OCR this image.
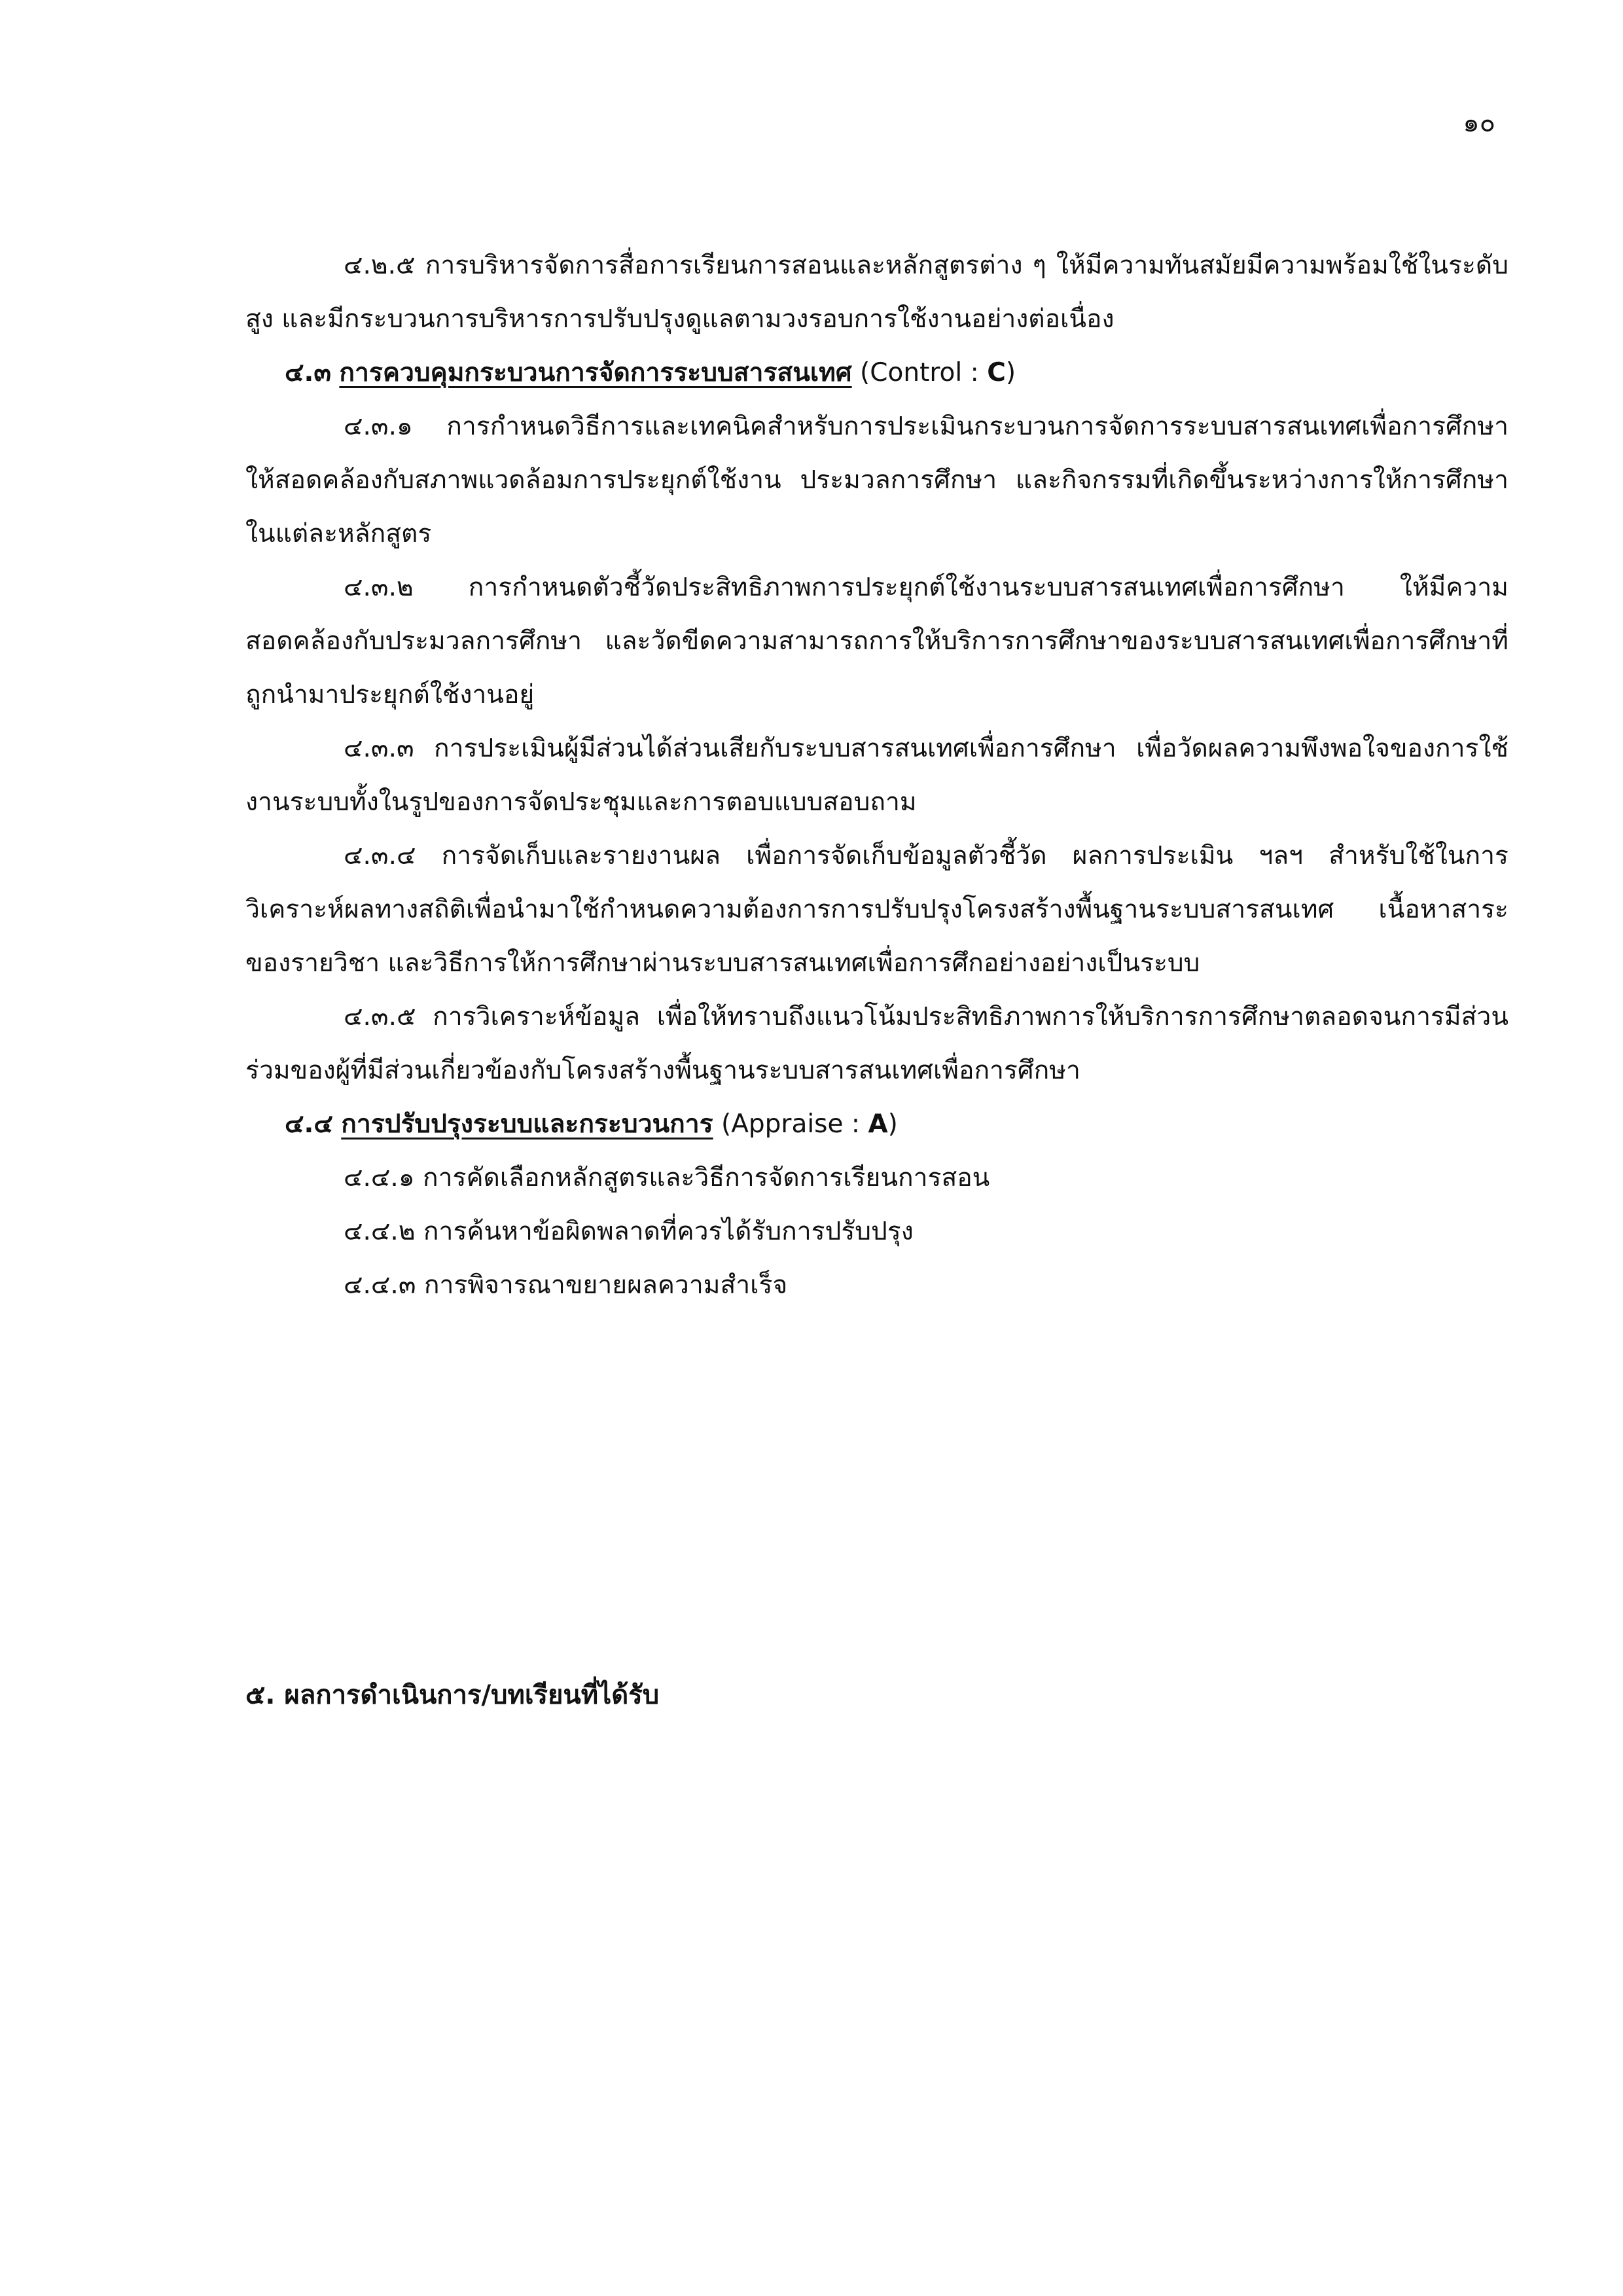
๑๐

๔.๒.๕ การบริหารจัดการสื่อการเรียนการสอนและหลักสูตรต่าง ๆ ให้มีความทันสมัยมีความพร้อมใช้ในระดับสูง และมีกระบวนการบริหารการปรับปรุงดูแลตามวงรอบการใช้งานอย่างต่อเนื่อง

๔.๓ การควบคุมกระบวนการจัดการระบบสารสนเทศ (Control : C)

๔.๓.๑ การกำหนดวิธีการและเทคนิคสำหรับการประเมินกระบวนการจัดการระบบสารสนเทศเพื่อการศึกษาให้สอดคล้องกับสภาพแวดล้อมการประยุกต์ใช้งาน ประมวลการศึกษา และกิจกรรมที่เกิดขึ้นระหว่างการให้การศึกษาในแต่ละหลักสูตร

๔.๓.๒ การกำหนดตัวชี้วัดประสิทธิภาพการประยุกต์ใช้งานระบบสารสนเทศเพื่อการศึกษา ให้มีความสอดคล้องกับประมวลการศึกษา และวัดขีดความสามารถการให้บริการการศึกษาของระบบสารสนเทศเพื่อการศึกษาที่ถูกนำมาประยุกต์ใช้งานอยู่

๔.๓.๓ การประเมินผู้มีส่วนได้ส่วนเสียกับระบบสารสนเทศเพื่อการศึกษา เพื่อวัดผลความพึงพอใจของการใช้งานระบบทั้งในรูปของการจัดประชุมและการตอบแบบสอบถาม

๔.๓.๔ การจัดเก็บและรายงานผล เพื่อการจัดเก็บข้อมูลตัวชี้วัด ผลการประเมิน ฯลฯ สำหรับใช้ในการวิเคราะห์ผลทางสถิติเพื่อนำมาใช้กำหนดความต้องการการปรับปรุงโครงสร้างพื้นฐานระบบสารสนเทศ เนื้อหาสาระของรายวิชา และวิธีการให้การศึกษาผ่านระบบสารสนเทศเพื่อการศึกอย่างอย่างเป็นระบบ

๔.๓.๕ การวิเคราะห์ข้อมูล เพื่อให้ทราบถึงแนวโน้มประสิทธิภาพการให้บริการการศึกษาตลอดจนการมีส่วนร่วมของผู้ที่มีส่วนเกี่ยวข้องกับโครงสร้างพื้นฐานระบบสารสนเทศเพื่อการศึกษา

๔.๔ การปรับปรุงระบบและกระบวนการ (Appraise : A)

๔.๔.๑ การคัดเลือกหลักสูตรและวิธีการจัดการเรียนการสอน

๔.๔.๒ การค้นหาข้อผิดพลาดที่ควรได้รับการปรับปรุง

๔.๔.๓ การพิจารณาขยายผลความสำเร็จ

๕. ผลการดำเนินการ/บทเรียนที่ได้รับ
